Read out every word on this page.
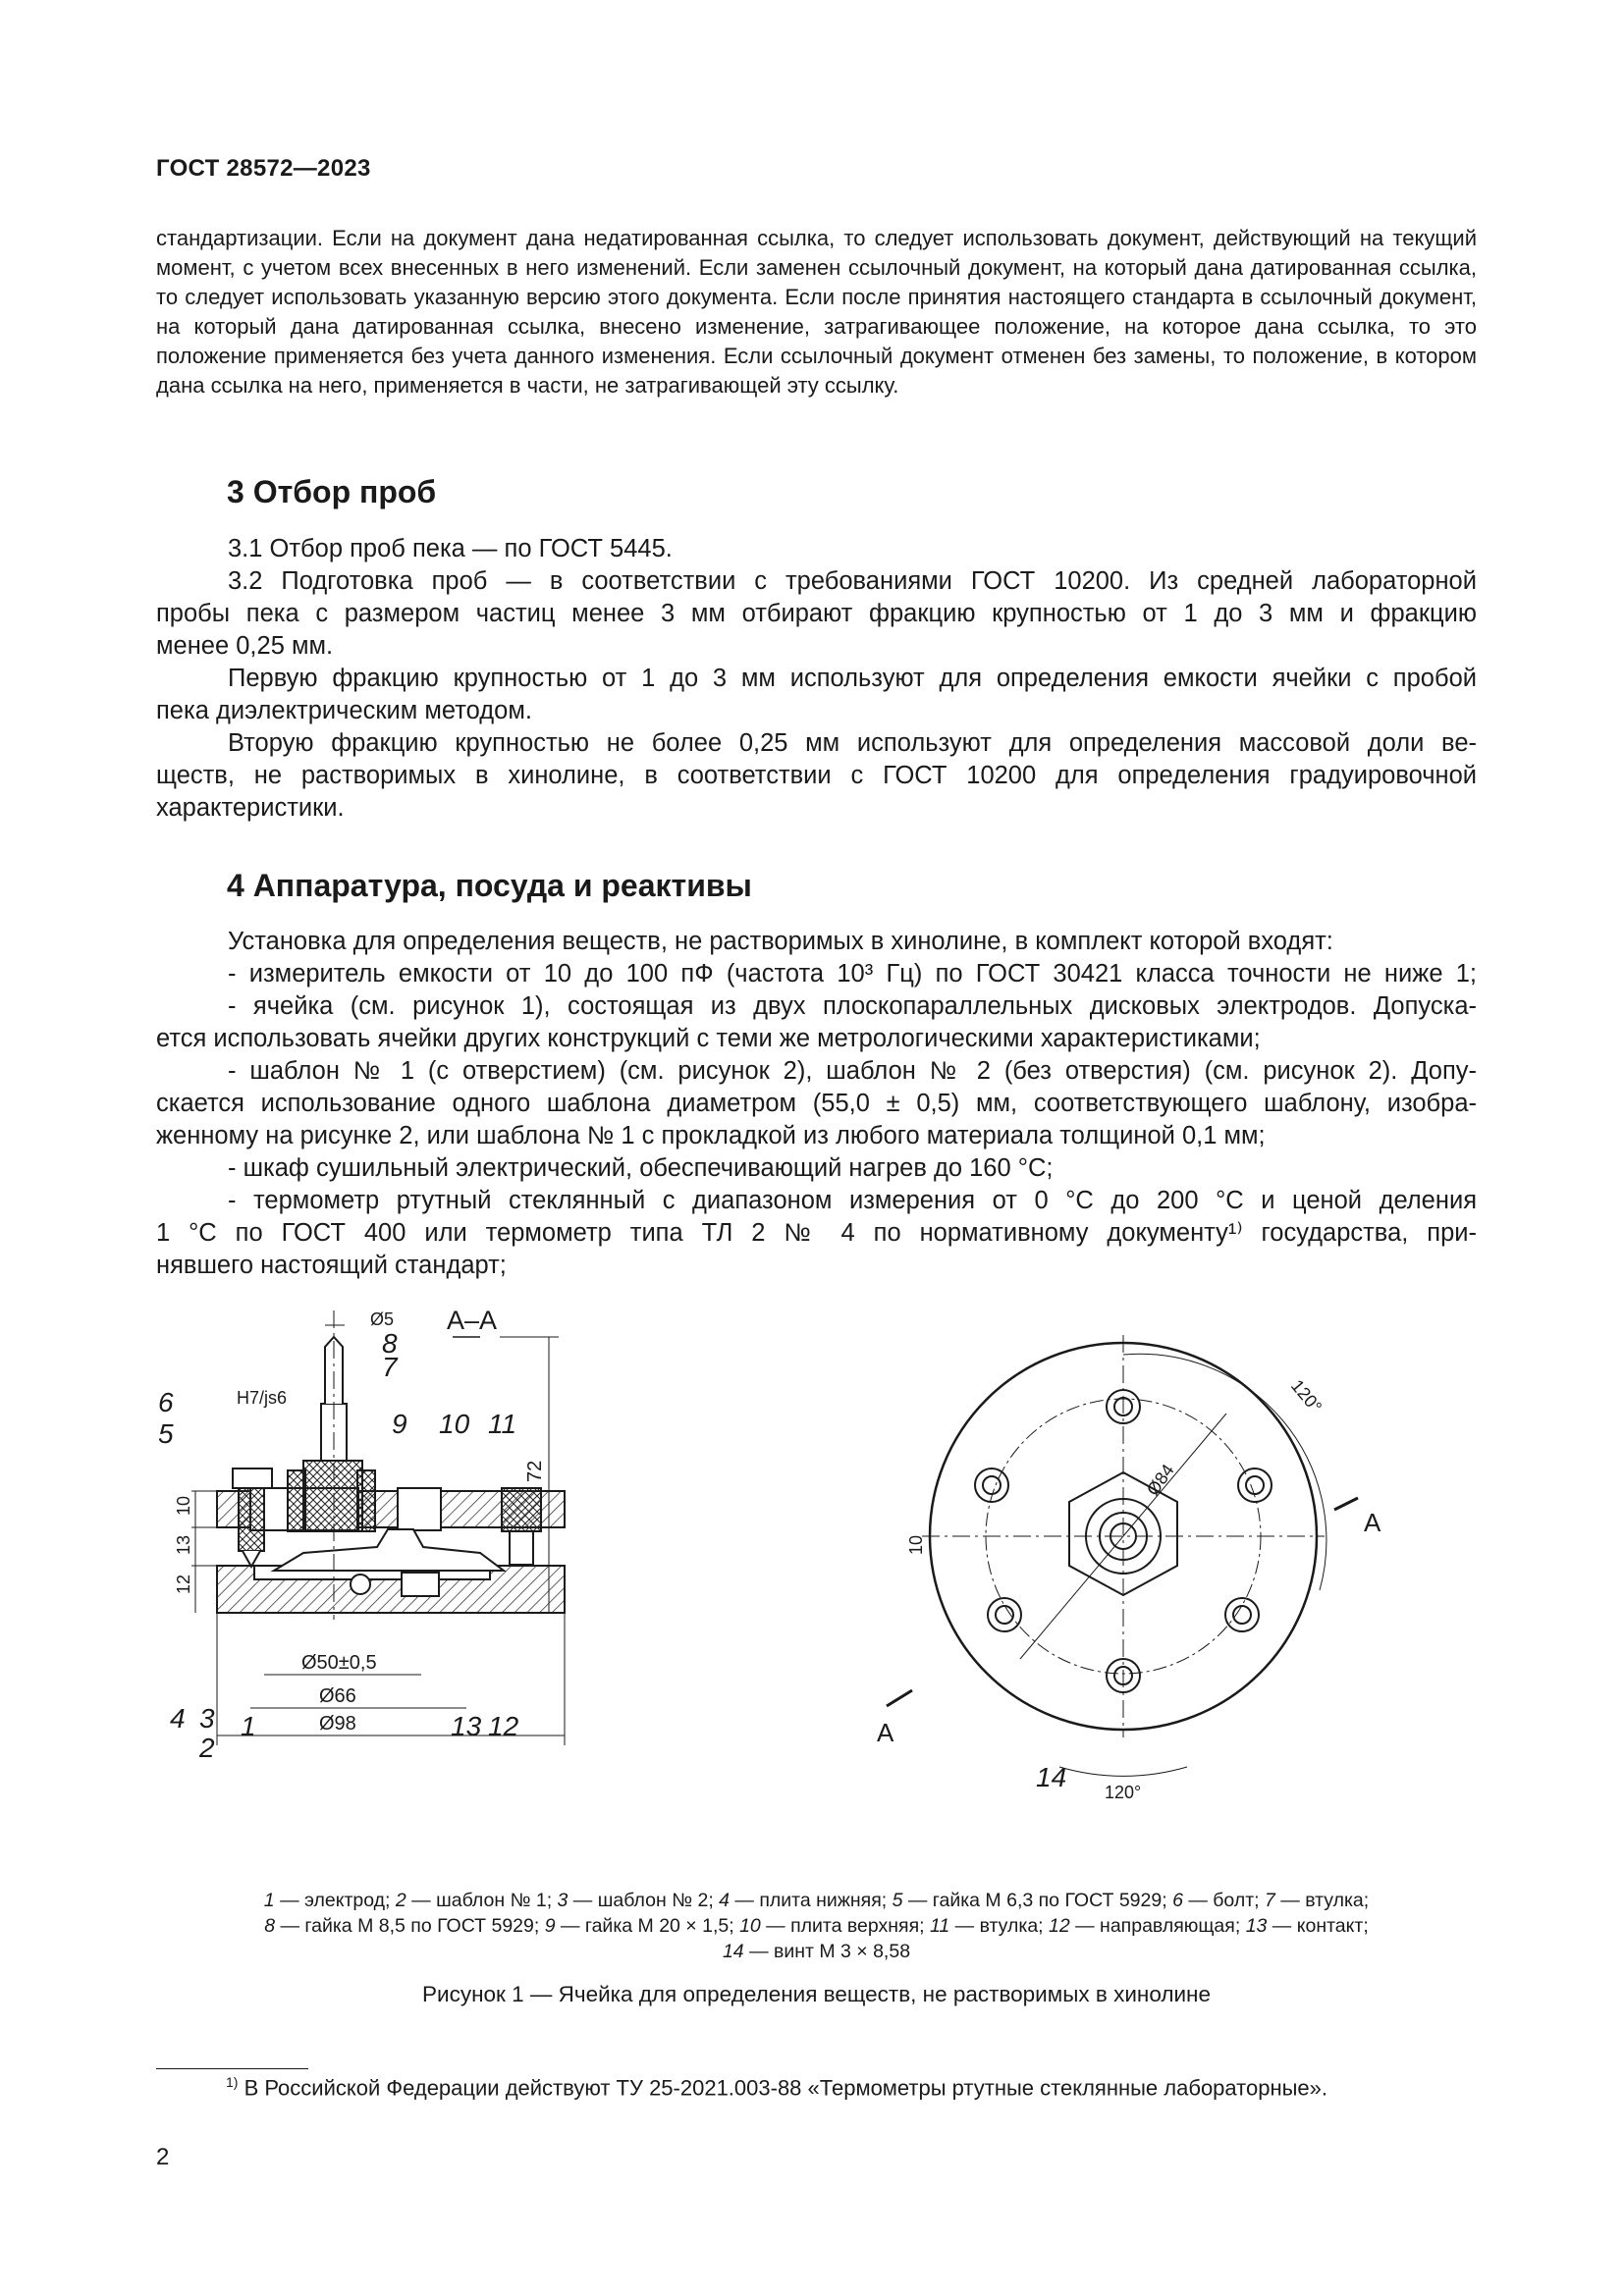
ГОСТ 28572—2023
стандартизации. Если на документ дана недатированная ссылка, то следует использовать документ, действующий на текущий момент, с учетом всех внесенных в него изменений. Если заменен ссылочный документ, на который дана датированная ссылка, то следует использовать указанную версию этого документа. Если после принятия настоящего стандарта в ссылочный документ, на который дана датированная ссылка, внесено изменение, затрагивающее положение, на которое дана ссылка, то это положение применяется без учета данного изменения. Если ссылочный документ отменен без замены, то положение, в котором дана ссылка на него, применяется в части, не затрагивающей эту ссылку.
3 Отбор проб
3.1 Отбор проб пека — по ГОСТ 5445.
3.2 Подготовка проб — в соответствии с требованиями ГОСТ 10200. Из средней лабораторной
пробы пека с размером частиц менее 3 мм отбирают фракцию крупностью от 1 до 3 мм и фракцию
менее 0,25 мм.
Первую фракцию крупностью от 1 до 3 мм используют для определения емкости ячейки с пробой
пека диэлектрическим методом.
Вторую фракцию крупностью не более 0,25 мм используют для определения массовой доли ве-
ществ, не растворимых в хинолине, в соответствии с ГОСТ 10200 для определения градуировочной
характеристики.
4 Аппаратура, посуда и реактивы
Установка для определения веществ, не растворимых в хинолине, в комплект которой входят:
- измеритель емкости от 10 до 100 пФ (частота 10³ Гц) по ГОСТ 30421 класса точности не ниже 1;
- ячейка (см. рисунок 1), состоящая из двух плоскопараллельных дисковых электродов. Допуска-
ется использовать ячейки других конструкций с теми же метрологическими характеристиками;
- шаблон № 1 (с отверстием) (см. рисунок 2), шаблон № 2 (без отверстия) (см. рисунок 2). Допу-
скается использование одного шаблона диаметром (55,0 ± 0,5) мм, соответствующего шаблону, изобра-
женному на рисунке 2, или шаблона № 1 с прокладкой из любого материала толщиной 0,1 мм;
- шкаф сушильный электрический, обеспечивающий нагрев до 160 °С;
- термометр ртутный стеклянный с диапазоном измерения от 0 °С до 200 °С и ценой деления
1 °С по ГОСТ 400 или термометр типа ТЛ 2 № 4 по нормативному документу¹⁾ государства, при-
нявшего настоящий стандарт;
А–А
72
Ø5
H7/js6
10
13
12
Ø50±0,5
Ø66
Ø98
1
2
3
4
5
6
7
8
9 10 11
12
13
А
А
Ø84
10
120°
120°
14
1 — электрод; 2 — шаблон № 1; 3 — шаблон № 2; 4 — плита нижняя; 5 — гайка М 6,3 по ГОСТ 5929; 6 — болт; 7 — втулка;
8 — гайка М 8,5 по ГОСТ 5929; 9 — гайка М 20 × 1,5; 10 — плита верхняя; 11 — втулка; 12 — направляющая; 13 — контакт;
14 — винт М 3 × 8,58
Рисунок 1 — Ячейка для определения веществ, не растворимых в хинолине
$^{1)}$ В Российской Федерации действуют ТУ 25-2021.003-88 «Термометры ртутные стеклянные лабораторные».
2
